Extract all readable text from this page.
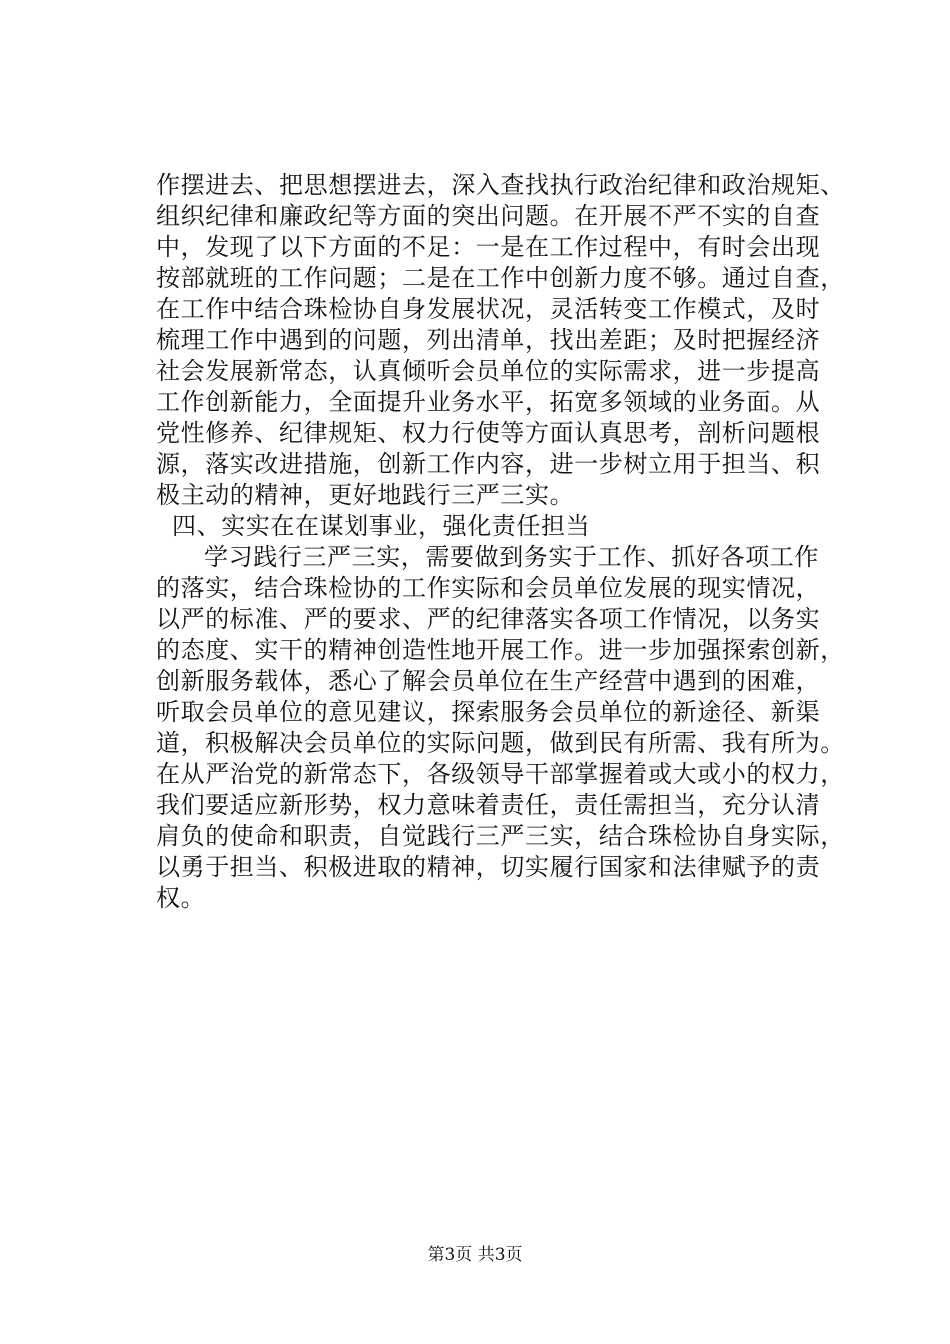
作摆进去、把思想摆进去，深入查找执行政治纪律和政治规矩、
组织纪律和廉政纪等方面的突出问题。在开展不严不实的自查
中，发现了以下方面的不足：一是在工作过程中，有时会出现
按部就班的工作问题；二是在工作中创新力度不够。通过自查，
在工作中结合珠检协自身发展状况，灵活转变工作模式，及时
梳理工作中遇到的问题，列出清单，找出差距；及时把握经济
社会发展新常态，认真倾听会员单位的实际需求，进一步提高
工作创新能力，全面提升业务水平，拓宽多领域的业务面。从
党性修养、纪律规矩、权力行使等方面认真思考，剖析问题根
源，落实改进措施，创新工作内容，进一步树立用于担当、积
极主动的精神，更好地践行三严三实。
四、实实在在谋划事业，强化责任担当
学习践行三严三实，需要做到务实于工作、抓好各项工作
的落实，结合珠检协的工作实际和会员单位发展的现实情况，
以严的标准、严的要求、严的纪律落实各项工作情况，以务实
的态度、实干的精神创造性地开展工作。进一步加强探索创新，
创新服务载体，悉心了解会员单位在生产经营中遇到的困难，
听取会员单位的意见建议，探索服务会员单位的新途径、新渠
道，积极解决会员单位的实际问题，做到民有所需、我有所为。
在从严治党的新常态下，各级领导干部掌握着或大或小的权力，
我们要适应新形势，权力意味着责任，责任需担当，充分认清
肩负的使命和职责，自觉践行三严三实，结合珠检协自身实际，
以勇于担当、积极进取的精神，切实履行国家和法律赋予的责
权。
第3页 共3页
